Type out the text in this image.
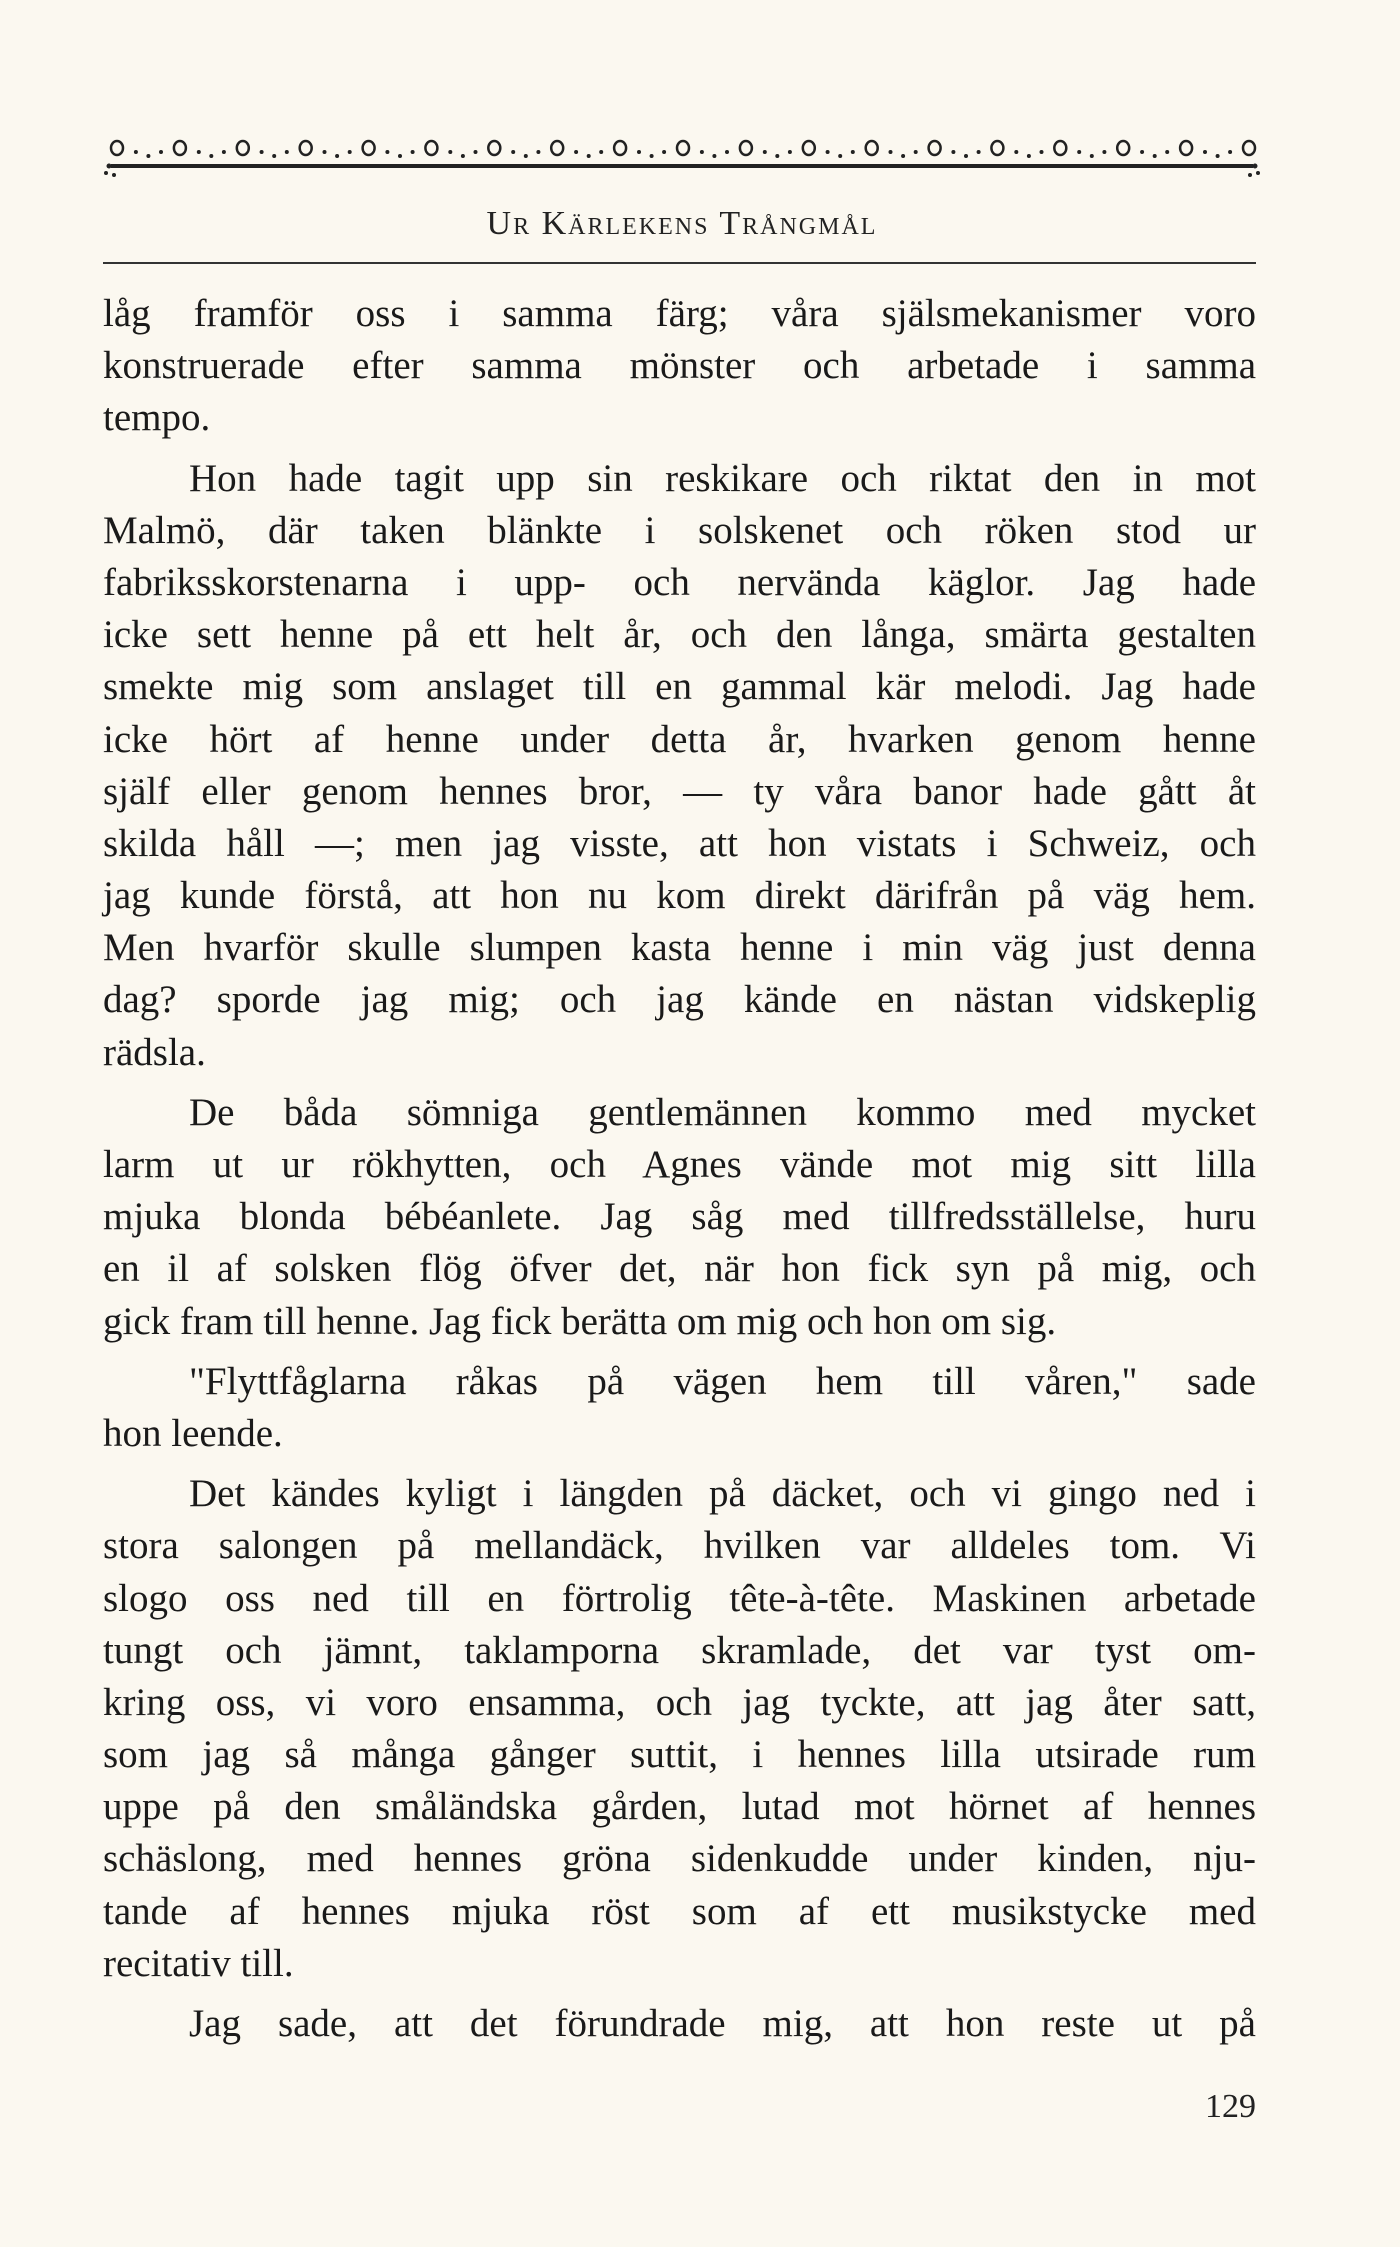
Ur Kärlekens Trångmål
låg framför oss i samma färg; våra själsmekanismer voro
konstruerade efter samma mönster och arbetade i samma
tempo.
Hon hade tagit upp sin reskikare och riktat den in mot
Malmö, där taken blänkte i solskenet och röken stod ur
fabriksskorstenarna i upp- och nervända käglor. Jag hade
icke sett henne på ett helt år, och den långa, smärta gestalten
smekte mig som anslaget till en gammal kär melodi. Jag hade
icke hört af henne under detta år, hvarken genom henne
själf eller genom hennes bror, — ty våra banor hade gått åt
skilda håll —; men jag visste, att hon vistats i Schweiz, och
jag kunde förstå, att hon nu kom direkt därifrån på väg hem.
Men hvarför skulle slumpen kasta henne i min väg just denna
dag? sporde jag mig; och jag kände en nästan vidskeplig
rädsla.
De båda sömniga gentlemännen kommo med mycket
larm ut ur rökhytten, och Agnes vände mot mig sitt lilla
mjuka blonda bébéanlete. Jag såg med tillfredsställelse, huru
en il af solsken flög öfver det, när hon fick syn på mig, och
gick fram till henne. Jag fick berätta om mig och hon om sig.
"Flyttfåglarna råkas på vägen hem till våren," sade
hon leende.
Det kändes kyligt i längden på däcket, och vi gingo ned i
stora salongen på mellandäck, hvilken var alldeles tom. Vi
slogo oss ned till en förtrolig tête-à-tête. Maskinen arbetade
tungt och jämnt, taklamporna skramlade, det var tyst om-
kring oss, vi voro ensamma, och jag tyckte, att jag åter satt,
som jag så många gånger suttit, i hennes lilla utsirade rum
uppe på den småländska gården, lutad mot hörnet af hennes
schäslong, med hennes gröna sidenkudde under kinden, nju-
tande af hennes mjuka röst som af ett musikstycke med
recitativ till.
Jag sade, att det förundrade mig, att hon reste ut på
129
